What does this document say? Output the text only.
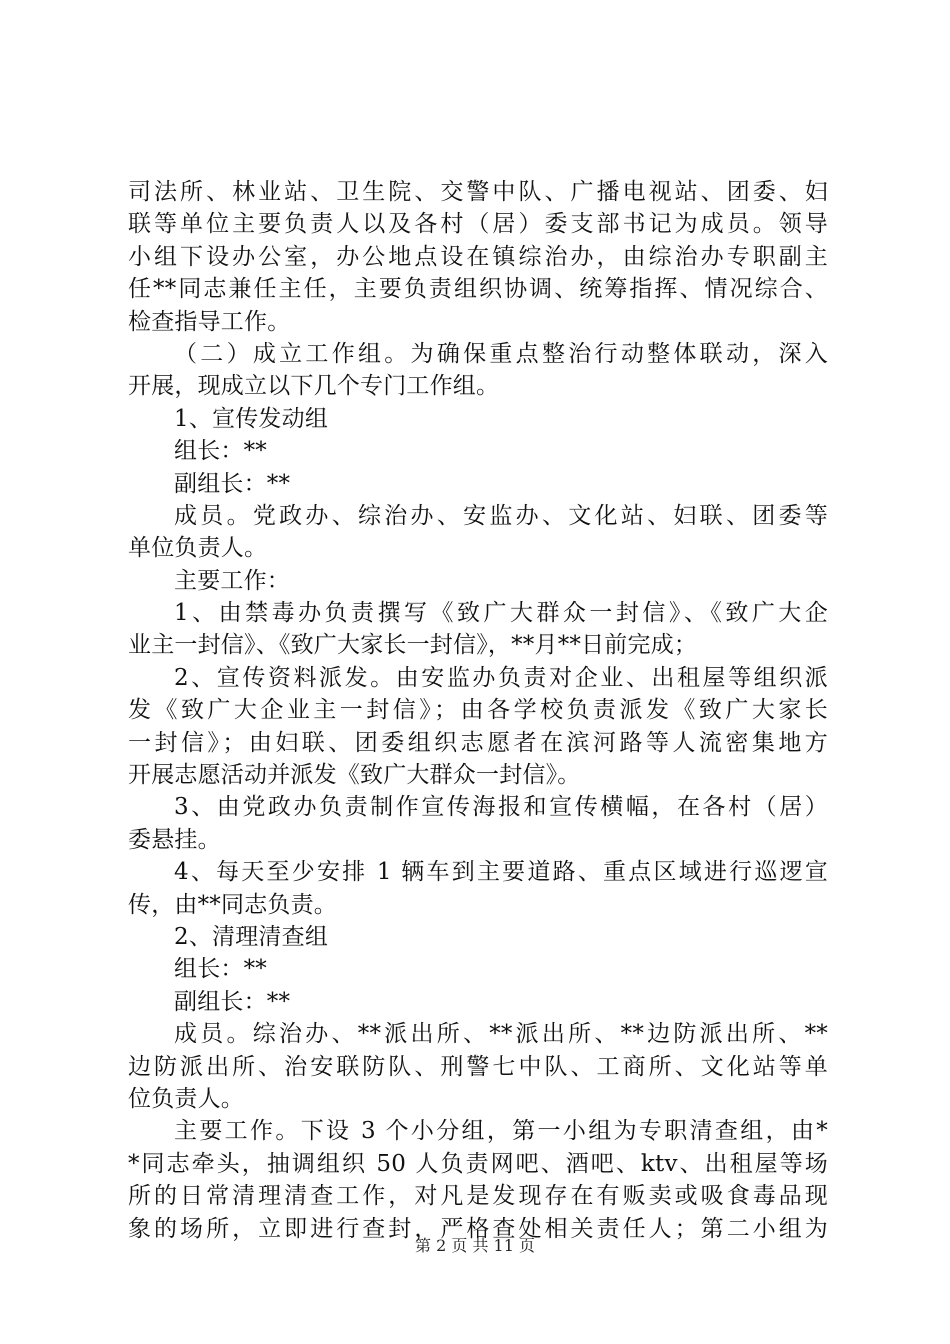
司法所、林业站、卫生院、交警中队、广播电视站、团委、妇
联等单位主要负责人以及各村（居）委支部书记为成员。领导
小组下设办公室，办公地点设在镇综治办，由综治办专职副主
任**同志兼任主任，主要负责组织协调、统筹指挥、情况综合、
检查指导工作。
（二）成立工作组。为确保重点整治行动整体联动，深入
开展，现成立以下几个专门工作组。
1、宣传发动组
组长：**
副组长：**
成员。党政办、综治办、安监办、文化站、妇联、团委等
单位负责人。
主要工作：
1、由禁毒办负责撰写《致广大群众一封信》、《致广大企
业主一封信》、《致广大家长一封信》，**月**日前完成；
2、宣传资料派发。由安监办负责对企业、出租屋等组织派
发《致广大企业主一封信》；由各学校负责派发《致广大家长
一封信》；由妇联、团委组织志愿者在滨河路等人流密集地方
开展志愿活动并派发《致广大群众一封信》。
3、由党政办负责制作宣传海报和宣传横幅，在各村（居）
委悬挂。
4、每天至少安排 1 辆车到主要道路、重点区域进行巡逻宣
传，由**同志负责。
2、清理清查组
组长：**
副组长：**
成员。综治办、**派出所、**派出所、**边防派出所、**
边防派出所、治安联防队、刑警七中队、工商所、文化站等单
位负责人。
主要工作。下设 3 个小分组，第一小组为专职清查组，由*
*同志牵头，抽调组织 50 人负责网吧、酒吧、ktv、出租屋等场
所的日常清理清查工作，对凡是发现存在有贩卖或吸食毒品现
象的场所，立即进行查封，严格查处相关责任人；第二小组为
第 2 页 共 11 页
